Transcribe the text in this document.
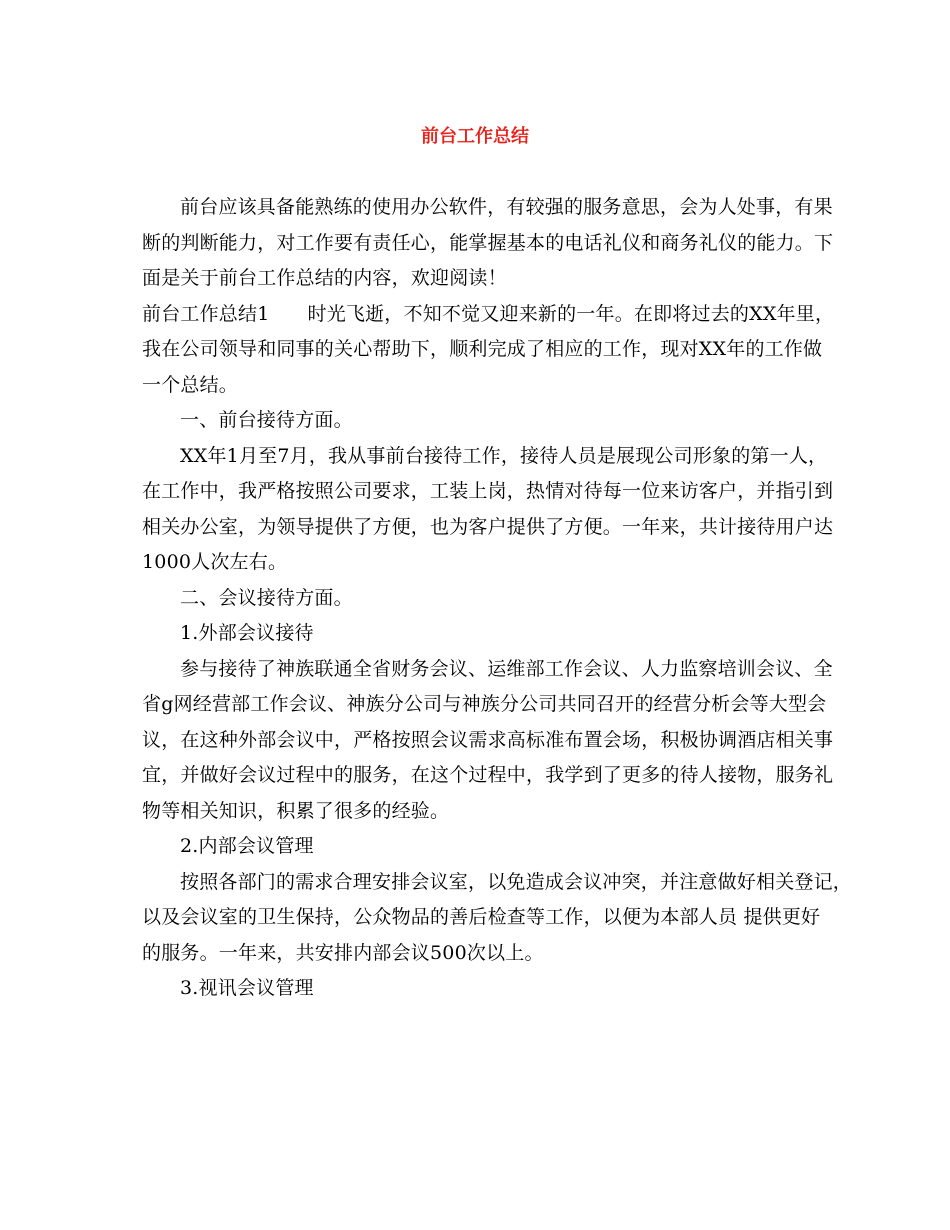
前台工作总结
前台应该具备能熟练的使用办公软件，有较强的服务意思，会为人处事，有果
断的判断能力，对工作要有责任心，能掌握基本的电话礼仪和商务礼仪的能力。下
面是关于前台工作总结的内容，欢迎阅读！
前台工作总结1 时光飞逝，不知不觉又迎来新的一年。在即将过去的XX年里，
我在公司领导和同事的关心帮助下，顺利完成了相应的工作，现对XX年的工作做
一个总结。
一、前台接待方面。
XX年1月至7月，我从事前台接待工作，接待人员是展现公司形象的第一人，
在工作中，我严格按照公司要求，工装上岗，热情对待每一位来访客户，并指引到
相关办公室，为领导提供了方便，也为客户提供了方便。一年来，共计接待用户达
1000人次左右。
二、会议接待方面。
1.外部会议接待
参与接待了神族联通全省财务会议、运维部工作会议、人力监察培训会议、全
省g网经营部工作会议、神族分公司与神族分公司共同召开的经营分析会等大型会
议，在这种外部会议中，严格按照会议需求高标准布置会场，积极协调酒店相关事
宜，并做好会议过程中的服务，在这个过程中，我学到了更多的待人接物，服务礼
物等相关知识，积累了很多的经验。
2.内部会议管理
按照各部门的需求合理安排会议室，以免造成会议冲突，并注意做好相关登记，
以及会议室的卫生保持，公众物品的善后检查等工作，以便为本部人员 提供更好
的服务。一年来，共安排内部会议500次以上。
3.视讯会议管理
